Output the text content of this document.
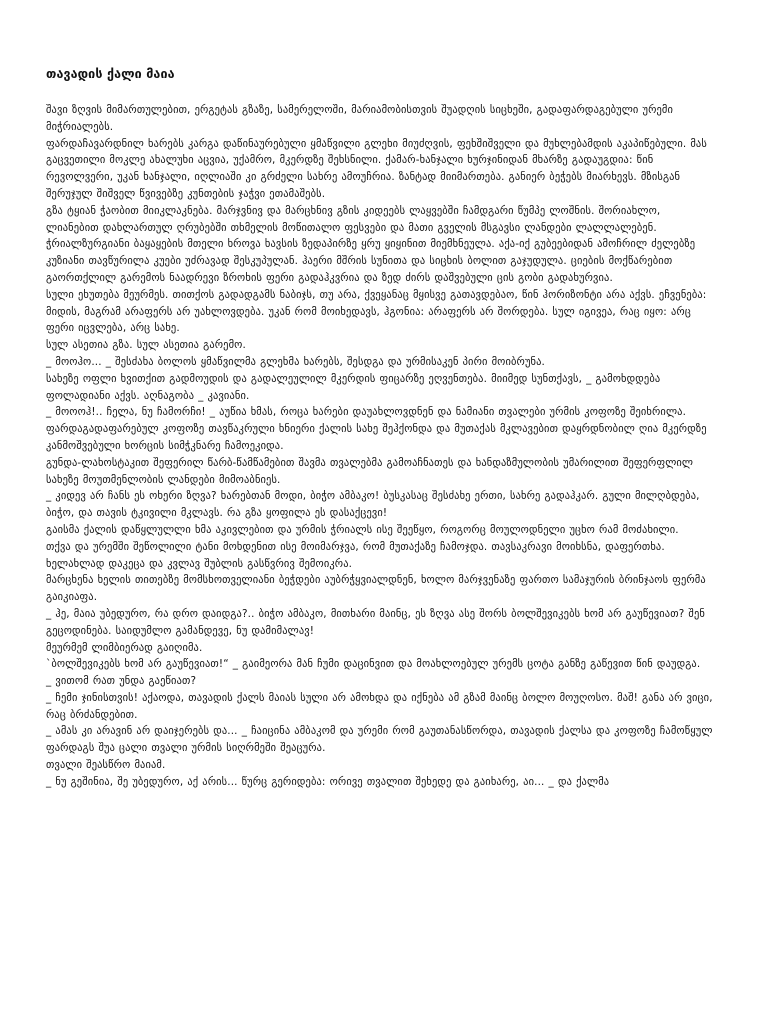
თავადის ქალი მაია

შავი ზღვის მიმართულებით, ერგეტას გზაზე, სამერელოში, მარიამობისთვის შუადღის სიცხეში, გადაფარდაგებული ურემი მიჭრიალებს.

ფარდაჩავარდნილ ხარებს კარგა დაწინაურებული ყმაწვილი გლეხი მიუძღვის, ფეხშიშველი და მუხლებამდის აკაპიწებული. მას გაცვეთილი მოკლე ახალუხი აცვია, უქამრო, მკერდზე შეხსნილი. ქამარ-ხანჯალი ხურჯინიდან მხარზე გადაუგდია: წინ რევოლვერი, უკან ხანჯალი, იღლიაში კი გრძელი სახრე ამოუჩრია. ზანტად მიიმართება. განიერ ბეჭებს მიარხევს. მზისგან შერუჯულ შიშველ წვივებზე კუნთების ჯაჭვი ეთამაშებს.

გზა ტყიან ჭაობით მიიკლაკნება. მარჯვნივ და მარცხნივ გზის კიდეებს ლაყვებში ჩამდგარი წუმპე ლოშნის. შორიახლო, ლიანებით დახლართულ ღრუბებში თხმელის მოწითალო ფესვები და მათი გველის მსგავსი ლანდები ლალლალებენ. ჭრიალზურგიანი ბაყაყების მთელი ხროვა ხავსის ზედაპირზე ყრუ ყიყინით მიემხნეულა. აქა-იქ გუბეებიდან ამოჩრილ ძელებზე კუზიანი თავწურილა კუები უძრავად შესკუპულან. ჰაერი მშრის სუნითა და სიცხის ბოლით გაჯუდულა. ციების მოქწარებით გაორთქლილ გარემოს ნაადრევი ზროხის ფერი გადაჰკვრია და ზედ ძირს დაშვებული ცის გობი გადახურვია.

სული ეხუთება მეურმეს. თითქოს გადადგამს ნაბიჯს, თუ არა, ქვეყანაც მყისვე გათავდებაო, წინ ჰორიზონტი არა აქვს. ეჩვენება: მიდის, მაგრამ არაფერს არ უახლოვდება. უკან რომ მოიხედავს, ჰგონია: არაფერს არ შორდება. სულ იგივეა, რაც იყო: არც ფერი იცვლება, არც სახე.

სულ ასეთია გზა. სულ ასეთია გარემო.

_ მოოჰო... _ შესძახა ბოლოს ყმაწვილმა გლეხმა ხარებს, შესდგა და ურმისაკენ პირი მოიბრუნა.

სახეზე ოფლი ხვითქით გადმოუდის და გადალეულილ მკერდის ფიცარზე ეღვენთება. მიიმედ სუნთქავს, _ გამოხდდება ფოლადიანი აქვს. აღნაგობა _ კავიანი.

_ მოოოჰ!.. ჩელა, ნუ ჩამორჩი! _ აუწია ხმას, როცა ხარები დაუახლოვდნენ და ნამიანი თვალები ურმის კოფოზე შეიხრილა.

ფარდაგადაფარებულ კოფოზე თავწაკრული ხნიერი ქალის სახე შეჰქონდა და მუთაქას მკლავებით დაყრდნობილ ღია მკერდზე კანმოშვებული ხორცის სიმჭკნარე ჩამოეკიდა.

გუნდა-ლახოსტაკით შეფერილ წარბ-წამწამებით შავმა თვალებმა გამოაჩნათეს და ხანდაზმულობის უმარილით შეფერფლილ სახეზე მოუთმენლობის ლანდები მიმოაბნიეს.

_ კიდევ არ ჩანს ეს ოხერი ზღვა? ხარებთან მოდი, ბიჭო ამბაკო! ბუსკასაც შესძახე ერთი, სახრე გადაჰკარ. გული მილღბდება, ბიჭო, და თავის ტკივილი მკლავს. რა გზა ყოფილა ეს დასაქცევი!

გაისმა ქალის დაწყლულლი ხმა აკივლებით და ურმის ჭრიალს ისე შეეწყო, როგორც მოულოდნელი უცხო რამ მოძახილი.

თქვა და ურემში შეწოლილი ტანი მოხდენით ისე მოიმარჯვა, რომ მუთაქაზე ჩამოჯდა. თავსაკრავი მოიხსნა, დაფერთხა. ხელახლად დაკეცა და კვლავ შუბლის გასწვრივ შემოიკრა.

მარცხენა ხელის თითებზე მომსხოთველიანი ბეჭდები აუბრჭყვიალდნენ, ხოლო მარჯვენაზე ფართო სამაჯურის ბრინჯაოს ფერმა გაიკიაფა.

_ ჰე, მაია უბედურო, რა დრო დაიდგა?.. ბიჭო ამბაკო, მითხარი მაინც, ეს ზღვა ასე შორს ბოლშევიკებს ხომ არ გაუწევიათ? შენ გეცოდინება. საიდუმლო გამანდევე, ნუ დამიმალავ!

მეურმემ ლიმბიერად გაიღიმა.

`ბოლშევიკებს ხომ არ გაუწევიათ!“ _ გაიმეორა მან ჩუმი დაცინვით და მოახლოებულ ურემს ცოტა განზე გაწევით წინ დაუდგა.

_ ვითომ რათ უნდა გაეწიათ?

_ ჩემი ჯინისთვის! აქაოდა, თავადის ქალს მაიას სული არ ამოხდა და იქნება ამ გზამ მაინც ბოლო მოუღოსო. მაშ! განა არ ვიცი, რაც ბრძანდებით.

_ ამას კი არავინ არ დაიჯერებს და... _ ჩაიცინა ამბაკომ და ურემი რომ გაუთანასწორდა, თავადის ქალსა და კოფოზე ჩამოწყულ ფარდაგს შუა ცალი თვალი ურმის სიღრმეში შეაცურა.

თვალი შეასწრო მაიამ.

_ ნუ გეშინია, შე უბედურო, აქ არის... წურც გერიდება: ორივე თვალით შეხედე და გაიხარე, აი... _ და ქალმა
